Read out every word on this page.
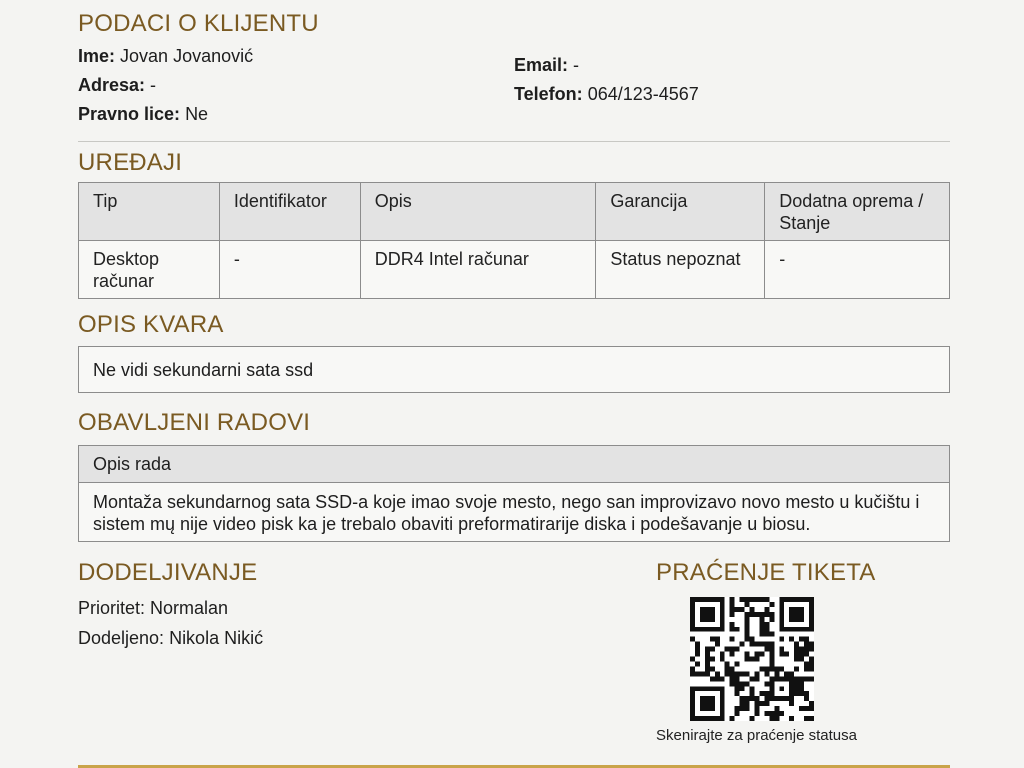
PODACI O KLIJENTU
Ime: Jovan Jovanović
Adresa: -
Pravno lice: Ne
Email: -
Telefon: 064/123-4567
UREĐAJI
Tip	Identifikator	Opis	Garancija	Dodatna oprema / Stanje
Desktop računar	-	DDR4 Intel računar	Status nepoznat	-
OPIS KVARA
Ne vidi sekundarni sata ssd
OBAVLJENI RADOVI
Opis rada
Montaža sekundarnog sata SSD-a koje imao svoje mesto, nego san improvizavo novo mesto u kučištu i sistem mų nije video pisk ka je trebalo obaviti preformatirarije diska i podešavanje u biosu.
DODELJIVANJE
Prioritet: Normalan
Dodeljeno: Nikola Nikić
PRAĆENJE TIKETA
Skenirajte za praćenje statusa
